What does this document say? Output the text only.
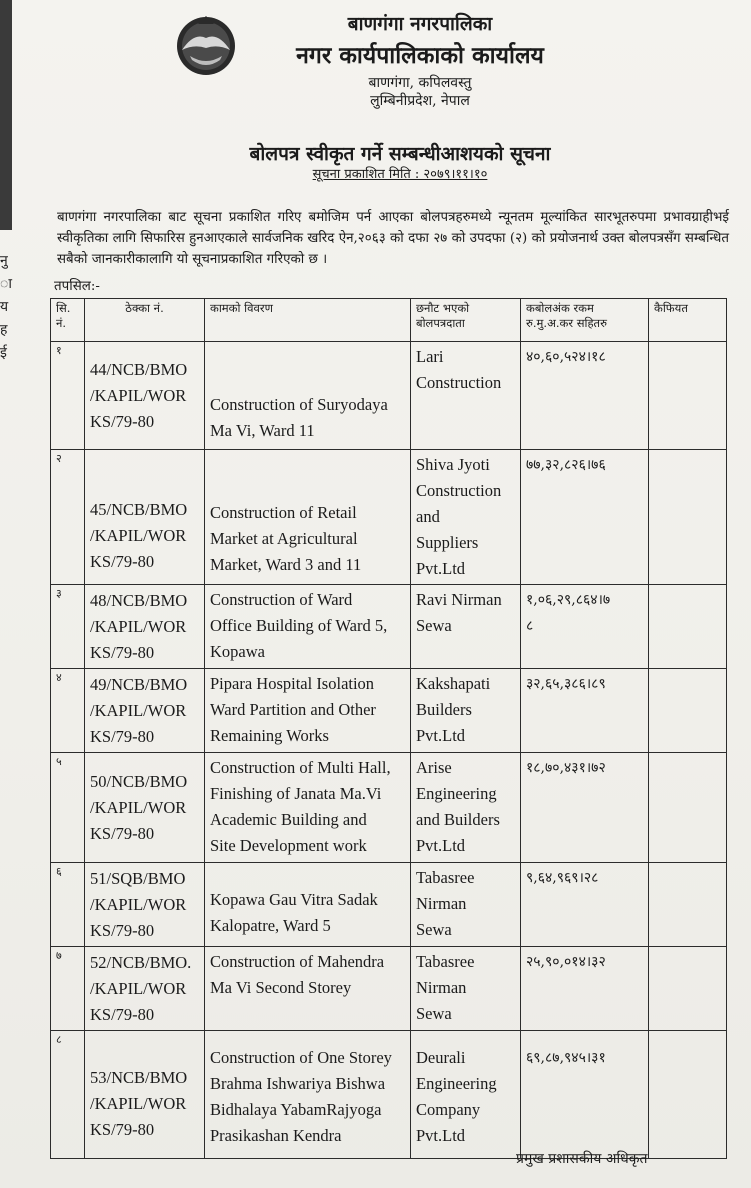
नु
ा
य
ह
ई
बाणगंगा नगरपालिका
नगर कार्यपालिकाको कार्यालय
बाणगंगा, कपिलवस्तु
लुम्बिनीप्रदेश, नेपाल
बोलपत्र स्वीकृत गर्ने सम्बन्धीआशयको सूचना
सूचना प्रकाशित मिति : २०७९।११।१०
बाणगंगा नगरपालिका बाट सूचना प्रकाशित गरिए बमोजिम पर्न आएका बोलपत्रहरुमध्ये न्यूनतम मूल्यांकित सारभूतरुपमा प्रभावग्राहीभई स्वीकृतिका लागि सिफारिस हुनआएकाले सार्वजनिक खरिद ऐन,२०६३ को दफा २७ को उपदफा (२) को प्रयोजनार्थ उक्त बोलपत्रसँग सम्बन्धित सबैको जानकारीकालागि यो सूचनाप्रकाशित गरिएको छ ।
तपसिल:-
सि. नं.	ठेक्का नं.	कामको विवरण	छनौट भएको बोलपत्रदाता	कबोलअंक रकम रु.मु.अ.कर सहितरु	कैफियत
१	44/NCB/BMO
/KAPIL/WOR
KS/79-80	Construction of Suryodaya
Ma Vi, Ward 11	Lari
Construction	४०,६०,५२४।१८	
२	45/NCB/BMO
/KAPIL/WOR
KS/79-80	Construction of Retail
Market at Agricultural
Market, Ward 3 and 11	Shiva Jyoti
Construction
and
Suppliers
Pvt.Ltd	७७,३२,८२६।७६	
३	48/NCB/BMO
/KAPIL/WOR
KS/79-80	Construction of Ward
Office Building of Ward 5,
Kopawa	Ravi Nirman
Sewa	१,०६,२९,८६४।७
८	
४	49/NCB/BMO
/KAPIL/WOR
KS/79-80	Pipara Hospital Isolation
Ward Partition and Other
Remaining Works	Kakshapati
Builders
Pvt.Ltd	३२,६५,३८६।८९	
५	50/NCB/BMO
/KAPIL/WOR
KS/79-80	Construction of Multi Hall,
Finishing of Janata Ma.Vi
Academic Building and
Site Development work	Arise
Engineering
and Builders
Pvt.Ltd	१८,७०,४३१।७२	
६	51/SQB/BMO
/KAPIL/WOR
KS/79-80	Kopawa Gau Vitra Sadak
Kalopatre, Ward 5	Tabasree
Nirman
Sewa	९,६४,९६९।२८	
७	52/NCB/BMO.
/KAPIL/WOR
KS/79-80	Construction of Mahendra
Ma Vi Second Storey	Tabasree
Nirman
Sewa	२५,९०,०१४।३२	
८	53/NCB/BMO
/KAPIL/WOR
KS/79-80	Construction of One Storey
Brahma Ishwariya Bishwa
Bidhalaya YabamRajyoga
Prasikashan Kendra	Deurali
Engineering
Company
Pvt.Ltd	६९,८७,९४५।३१	
प्रमुख प्रशासकीय अधिकृत
